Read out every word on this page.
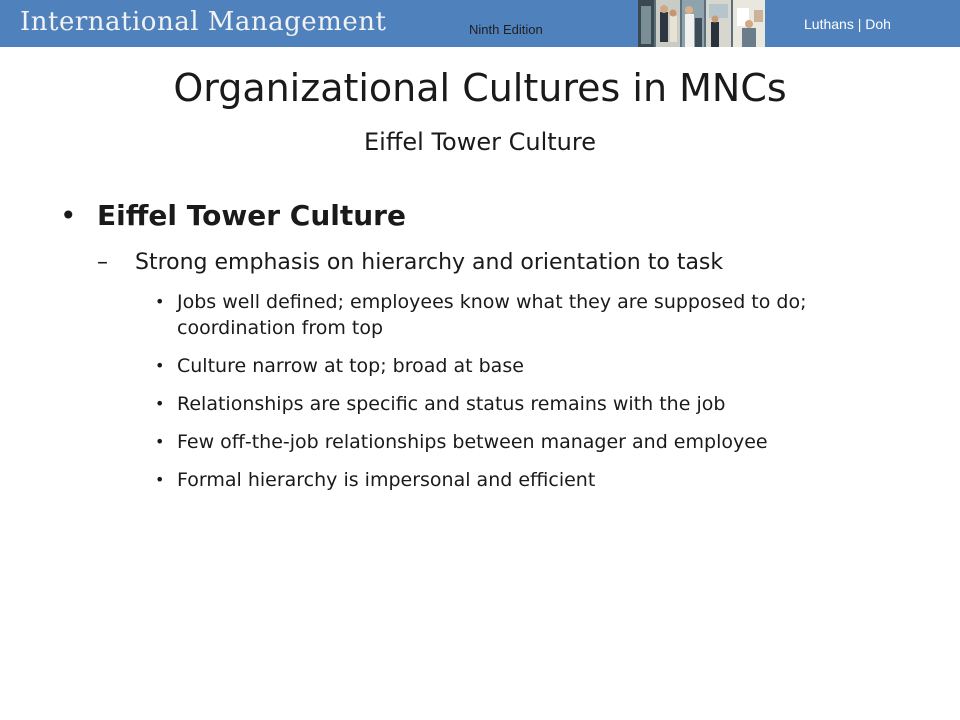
International Management	Ninth Edition	Luthans | Doh
Organizational Cultures in MNCs
Eiffel Tower Culture
• Eiffel Tower Culture
– Strong emphasis on hierarchy and orientation to task
• Jobs well defined; employees know what they are supposed to do; coordination from top
• Culture narrow at top; broad at base
• Relationships are specific and status remains with the job
• Few off-the-job relationships between manager and employee
• Formal hierarchy is impersonal and efficient
